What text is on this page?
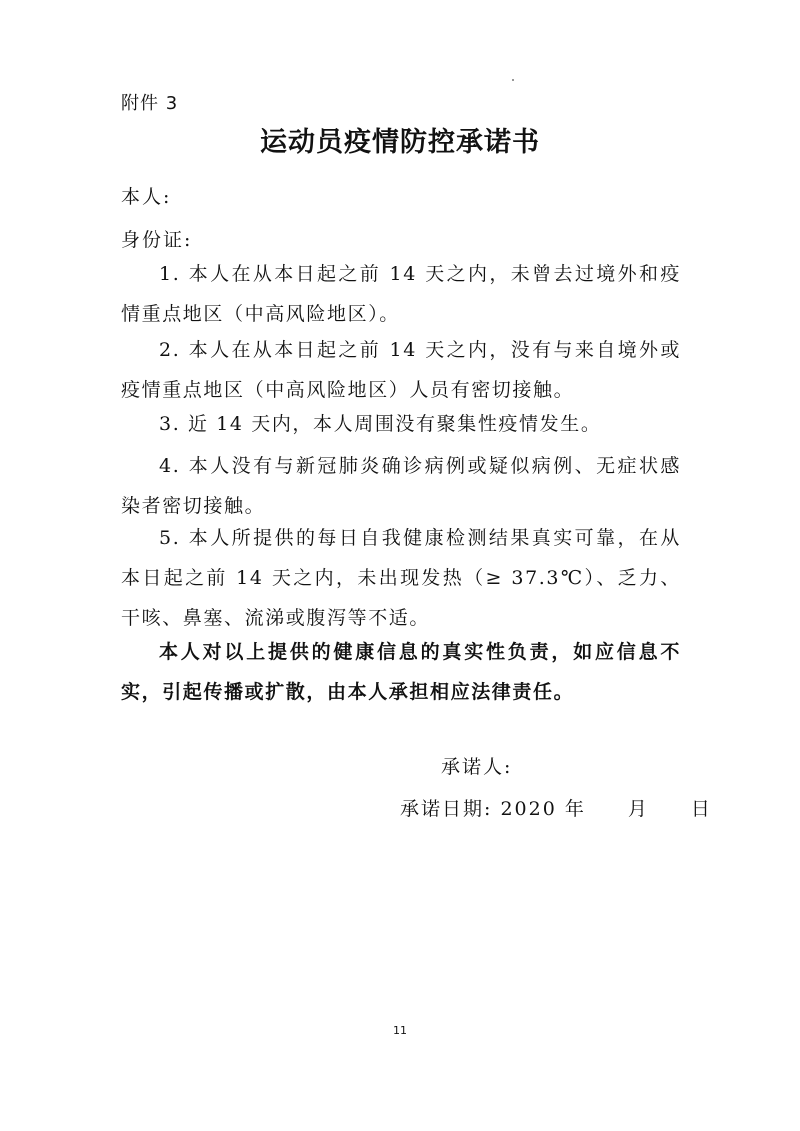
附件 3
运动员疫情防控承诺书
本人:
身份证:
1. 本人在从本日起之前 14 天之内，未曾去过境外和疫情重点地区（中高风险地区）。
2. 本人在从本日起之前 14 天之内，没有与来自境外或疫情重点地区（中高风险地区）人员有密切接触。
3. 近 14 天内，本人周围没有聚集性疫情发生。
4. 本人没有与新冠肺炎确诊病例或疑似病例、无症状感染者密切接触。
5. 本人所提供的每日自我健康检测结果真实可靠，在从本日起之前 14 天之内，未出现发热（≥ 37.3℃）、乏力、干咳、鼻塞、流涕或腹泻等不适。
本人对以上提供的健康信息的真实性负责，如应信息不实，引起传播或扩散，由本人承担相应法律责任。
承诺人:
承诺日期: 2020 年　　月　　日
11
